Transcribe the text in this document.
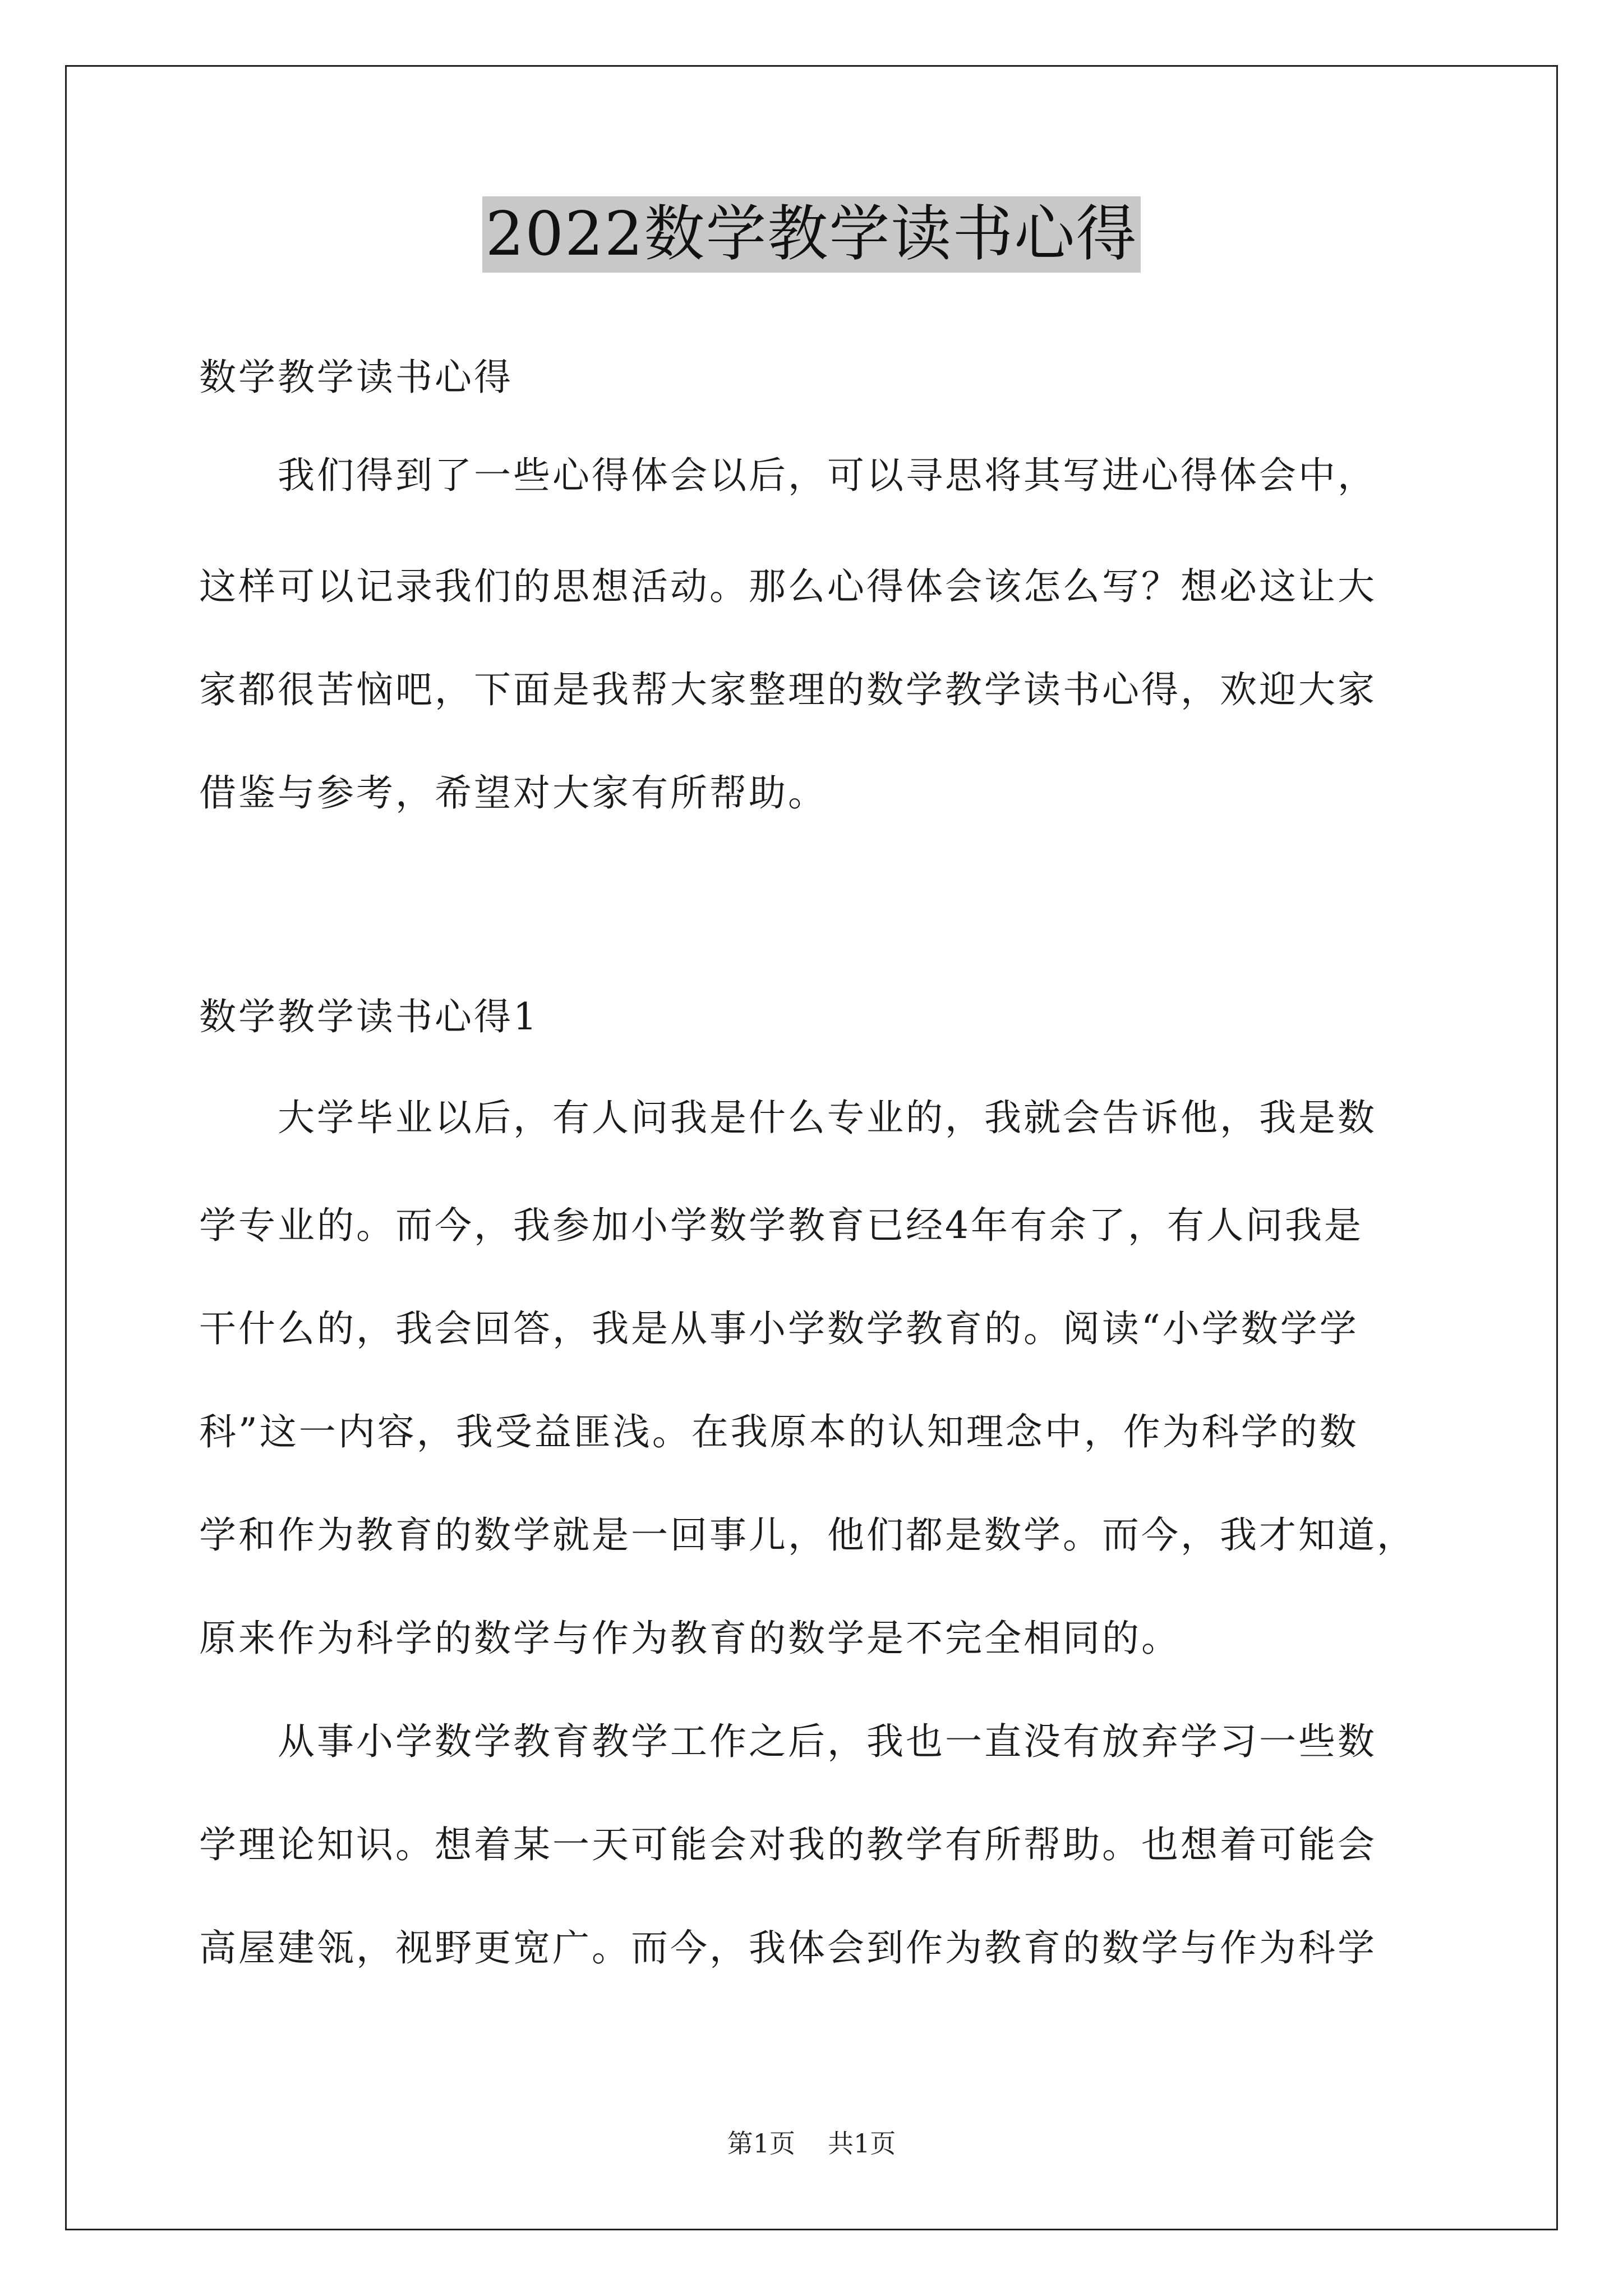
2022数学教学读书心得
数学教学读书心得
　　我们得到了一些心得体会以后，可以寻思将其写进心得体会中，
这样可以记录我们的思想活动。那么心得体会该怎么写？想必这让大
家都很苦恼吧，下面是我帮大家整理的数学教学读书心得，欢迎大家
借鉴与参考，希望对大家有所帮助。
数学教学读书心得1
　　大学毕业以后，有人问我是什么专业的，我就会告诉他，我是数
学专业的。而今，我参加小学数学教育已经4年有余了，有人问我是
干什么的，我会回答，我是从事小学数学教育的。阅读“小学数学学
科”这一内容，我受益匪浅。在我原本的认知理念中，作为科学的数
学和作为教育的数学就是一回事儿，他们都是数学。而今，我才知道，
原来作为科学的数学与作为教育的数学是不完全相同的。
　　从事小学数学教育教学工作之后，我也一直没有放弃学习一些数
学理论知识。想着某一天可能会对我的教学有所帮助。也想着可能会
高屋建瓴，视野更宽广。而今，我体会到作为教育的数学与作为科学
第1页 共1页
